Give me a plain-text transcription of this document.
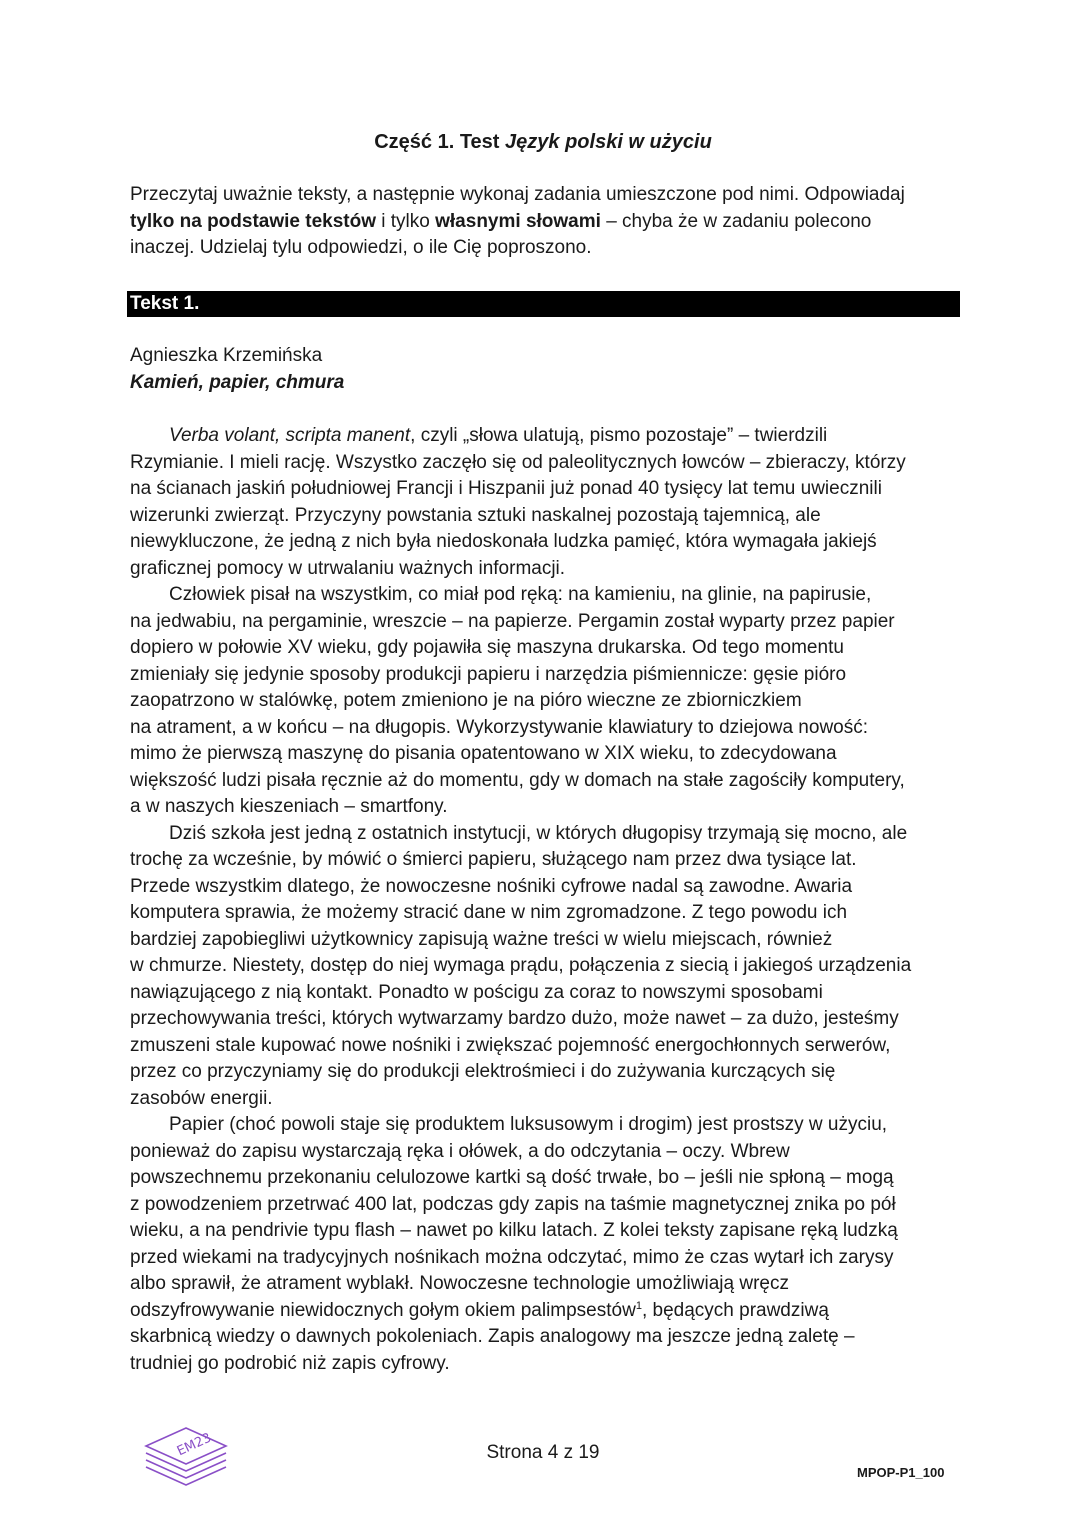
Część 1. Test Język polski w użyciu
Przeczytaj uważnie teksty, a następnie wykonaj zadania umieszczone pod nimi. Odpowiadaj
tylko na podstawie tekstów i tylko własnymi słowami – chyba że w zadaniu polecono
inaczej. Udzielaj tylu odpowiedzi, o ile Cię poproszono.
Tekst 1.
Agnieszka Krzemińska
Kamień, papier, chmura
Verba volant, scripta manent, czyli „słowa ulatują, pismo pozostaje” – twierdzili
Rzymianie. I mieli rację. Wszystko zaczęło się od paleolitycznych łowców – zbieraczy, którzy
na ścianach jaskiń południowej Francji i Hiszpanii już ponad 40 tysięcy lat temu uwiecznili
wizerunki zwierząt. Przyczyny powstania sztuki naskalnej pozostają tajemnicą, ale
niewykluczone, że jedną z nich była niedoskonała ludzka pamięć, która wymagała jakiejś
graficznej pomocy w utrwalaniu ważnych informacji.
Człowiek pisał na wszystkim, co miał pod ręką: na kamieniu, na glinie, na papirusie,
na jedwabiu, na pergaminie, wreszcie – na papierze. Pergamin został wyparty przez papier
dopiero w połowie XV wieku, gdy pojawiła się maszyna drukarska. Od tego momentu
zmieniały się jedynie sposoby produkcji papieru i narzędzia piśmiennicze: gęsie pióro
zaopatrzono w stalówkę, potem zmieniono je na pióro wieczne ze zbiorniczkiem
na atrament, a w końcu – na długopis. Wykorzystywanie klawiatury to dziejowa nowość:
mimo że pierwszą maszynę do pisania opatentowano w XIX wieku, to zdecydowana
większość ludzi pisała ręcznie aż do momentu, gdy w domach na stałe zagościły komputery,
a w naszych kieszeniach – smartfony.
Dziś szkoła jest jedną z ostatnich instytucji, w których długopisy trzymają się mocno, ale
trochę za wcześnie, by mówić o śmierci papieru, służącego nam przez dwa tysiące lat.
Przede wszystkim dlatego, że nowoczesne nośniki cyfrowe nadal są zawodne. Awaria
komputera sprawia, że możemy stracić dane w nim zgromadzone. Z tego powodu ich
bardziej zapobiegliwi użytkownicy zapisują ważne treści w wielu miejscach, również
w chmurze. Niestety, dostęp do niej wymaga prądu, połączenia z siecią i jakiegoś urządzenia
nawiązującego z nią kontakt. Ponadto w pościgu za coraz to nowszymi sposobami
przechowywania treści, których wytwarzamy bardzo dużo, może nawet – za dużo, jesteśmy
zmuszeni stale kupować nowe nośniki i zwiększać pojemność energochłonnych serwerów,
przez co przyczyniamy się do produkcji elektrośmieci i do zużywania kurczących się
zasobów energii.
Papier (choć powoli staje się produktem luksusowym i drogim) jest prostszy w użyciu,
ponieważ do zapisu wystarczają ręka i ołówek, a do odczytania – oczy. Wbrew
powszechnemu przekonaniu celulozowe kartki są dość trwałe, bo – jeśli nie spłoną – mogą
z powodzeniem przetrwać 400 lat, podczas gdy zapis na taśmie magnetycznej znika po pół
wieku, a na pendrivie typu flash – nawet po kilku latach. Z kolei teksty zapisane ręką ludzką
przed wiekami na tradycyjnych nośnikach można odczytać, mimo że czas wytarł ich zarysy
albo sprawił, że atrament wyblakł. Nowoczesne technologie umożliwiają wręcz
odszyfrowywanie niewidocznych gołym okiem palimpsestów$^1$, będących prawdziwą
skarbnicą wiedzy o dawnych pokoleniach. Zapis analogowy ma jeszcze jedną zaletę –
trudniej go podrobić niż zapis cyfrowy.
EM23	Strona 4 z 19
MPOP-P1_100
